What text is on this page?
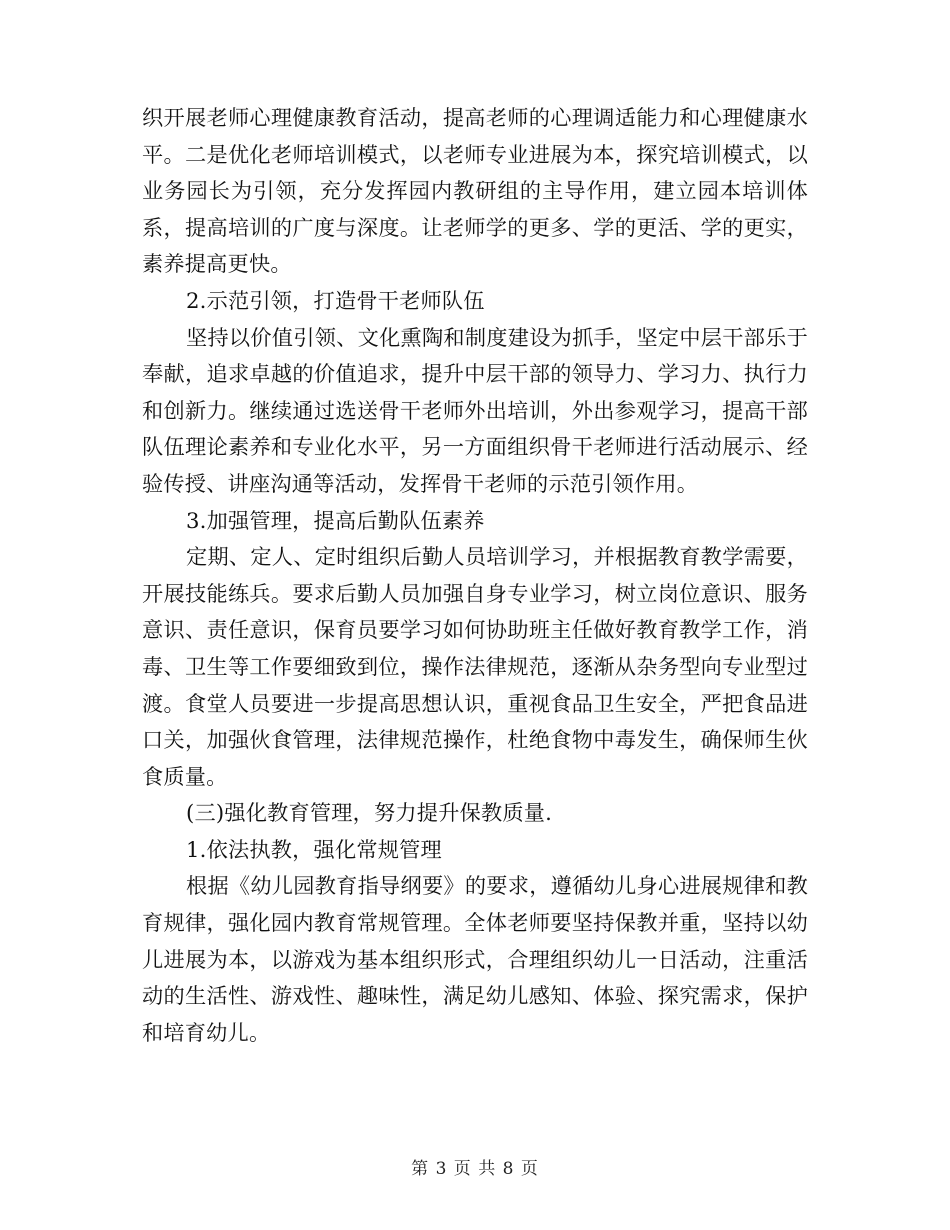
织开展老师心理健康教育活动，提高老师的心理调适能力和心理健康水平。二是优化老师培训模式，以老师专业进展为本，探究培训模式，以业务园长为引领，充分发挥园内教研组的主导作用，建立园本培训体系，提高培训的广度与深度。让老师学的更多、学的更活、学的更实，素养提高更快。

2.示范引领，打造骨干老师队伍

坚持以价值引领、文化熏陶和制度建设为抓手，坚定中层干部乐于奉献，追求卓越的价值追求，提升中层干部的领导力、学习力、执行力和创新力。继续通过选送骨干老师外出培训，外出参观学习，提高干部队伍理论素养和专业化水平，另一方面组织骨干老师进行活动展示、经验传授、讲座沟通等活动，发挥骨干老师的示范引领作用。

3.加强管理，提高后勤队伍素养

定期、定人、定时组织后勤人员培训学习，并根据教育教学需要，开展技能练兵。要求后勤人员加强自身专业学习，树立岗位意识、服务意识、责任意识，保育员要学习如何协助班主任做好教育教学工作，消毒、卫生等工作要细致到位，操作法律规范，逐渐从杂务型向专业型过渡。食堂人员要进一步提高思想认识，重视食品卫生安全，严把食品进口关，加强伙食管理，法律规范操作，杜绝食物中毒发生，确保师生伙食质量。

(三)强化教育管理，努力提升保教质量.

1.依法执教，强化常规管理

根据《幼儿园教育指导纲要》的要求，遵循幼儿身心进展规律和教育规律，强化园内教育常规管理。全体老师要坚持保教并重，坚持以幼儿进展为本，以游戏为基本组织形式，合理组织幼儿一日活动，注重活动的生活性、游戏性、趣味性，满足幼儿感知、体验、探究需求，保护和培育幼儿。

第 3 页 共 8 页
